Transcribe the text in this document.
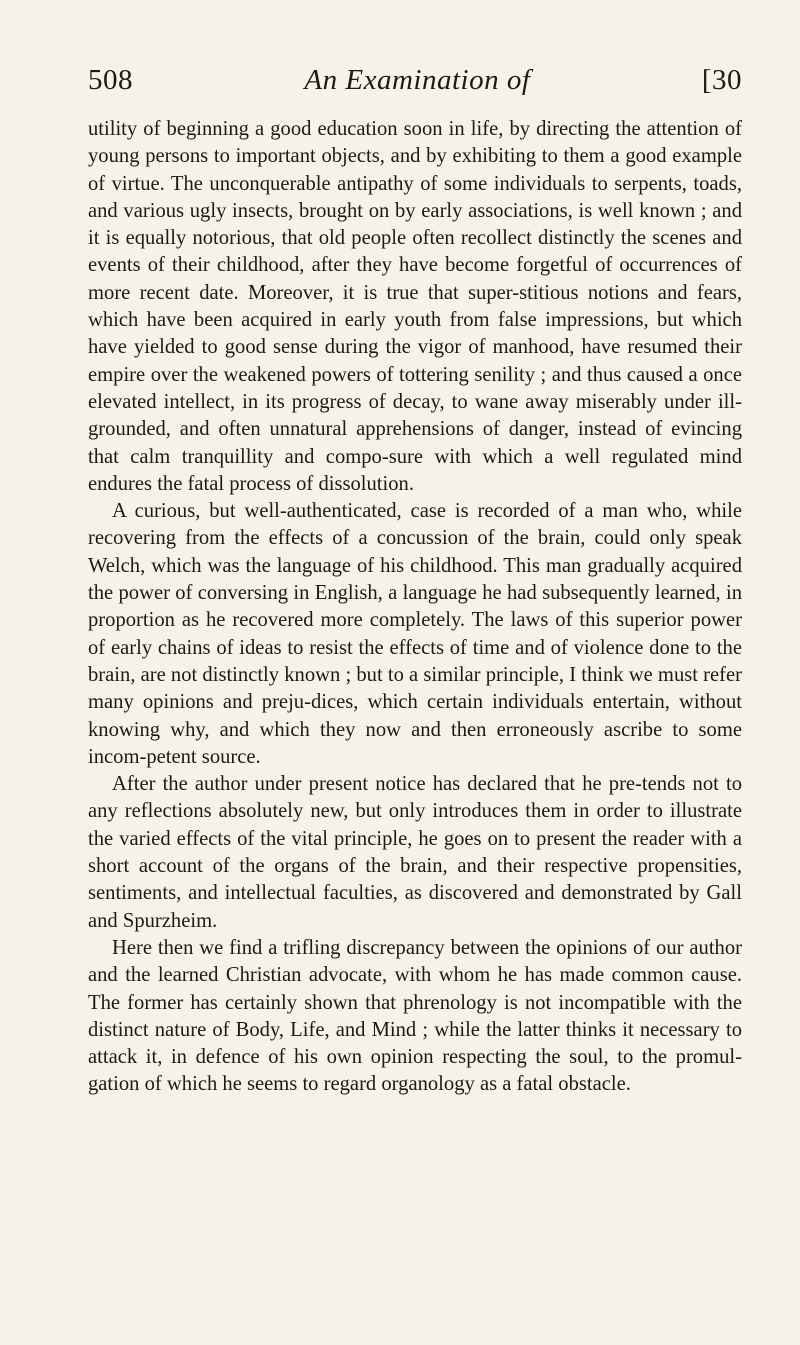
508	An Examination of	[30

utility of beginning a good education soon in life, by directing the attention of young persons to important objects, and by exhibiting to them a good example of virtue. The unconquerable antipathy of some individuals to serpents, toads, and various ugly insects, brought on by early associations, is well known ; and it is equally notorious, that old people often recollect distinctly the scenes and events of their childhood, after they have become forgetful of occurrences of more recent date. Moreover, it is true that super-stitious notions and fears, which have been acquired in early youth from false impressions, but which have yielded to good sense during the vigor of manhood, have resumed their empire over the weakened powers of tottering senility ; and thus caused a once elevated intellect, in its progress of decay, to wane away miserably under ill-grounded, and often unnatural apprehensions of danger, instead of evincing that calm tranquillity and compo-sure with which a well regulated mind endures the fatal process of dissolution.

A curious, but well-authenticated, case is recorded of a man who, while recovering from the effects of a concussion of the brain, could only speak Welch, which was the language of his childhood. This man gradually acquired the power of conversing in English, a language he had subsequently learned, in proportion as he recovered more completely. The laws of this superior power of early chains of ideas to resist the effects of time and of violence done to the brain, are not distinctly known ; but to a similar principle, I think we must refer many opinions and preju-dices, which certain individuals entertain, without knowing why, and which they now and then erroneously ascribe to some incom-petent source.

After the author under present notice has declared that he pre-tends not to any reflections absolutely new, but only introduces them in order to illustrate the varied effects of the vital principle, he goes on to present the reader with a short account of the organs of the brain, and their respective propensities, sentiments, and intellectual faculties, as discovered and demonstrated by Gall and Spurzheim.

Here then we find a trifling discrepancy between the opinions of our author and the learned Christian advocate, with whom he has made common cause. The former has certainly shown that phrenology is not incompatible with the distinct nature of Body, Life, and Mind ; while the latter thinks it necessary to attack it, in defence of his own opinion respecting the soul, to the promul-gation of which he seems to regard organology as a fatal obstacle.
